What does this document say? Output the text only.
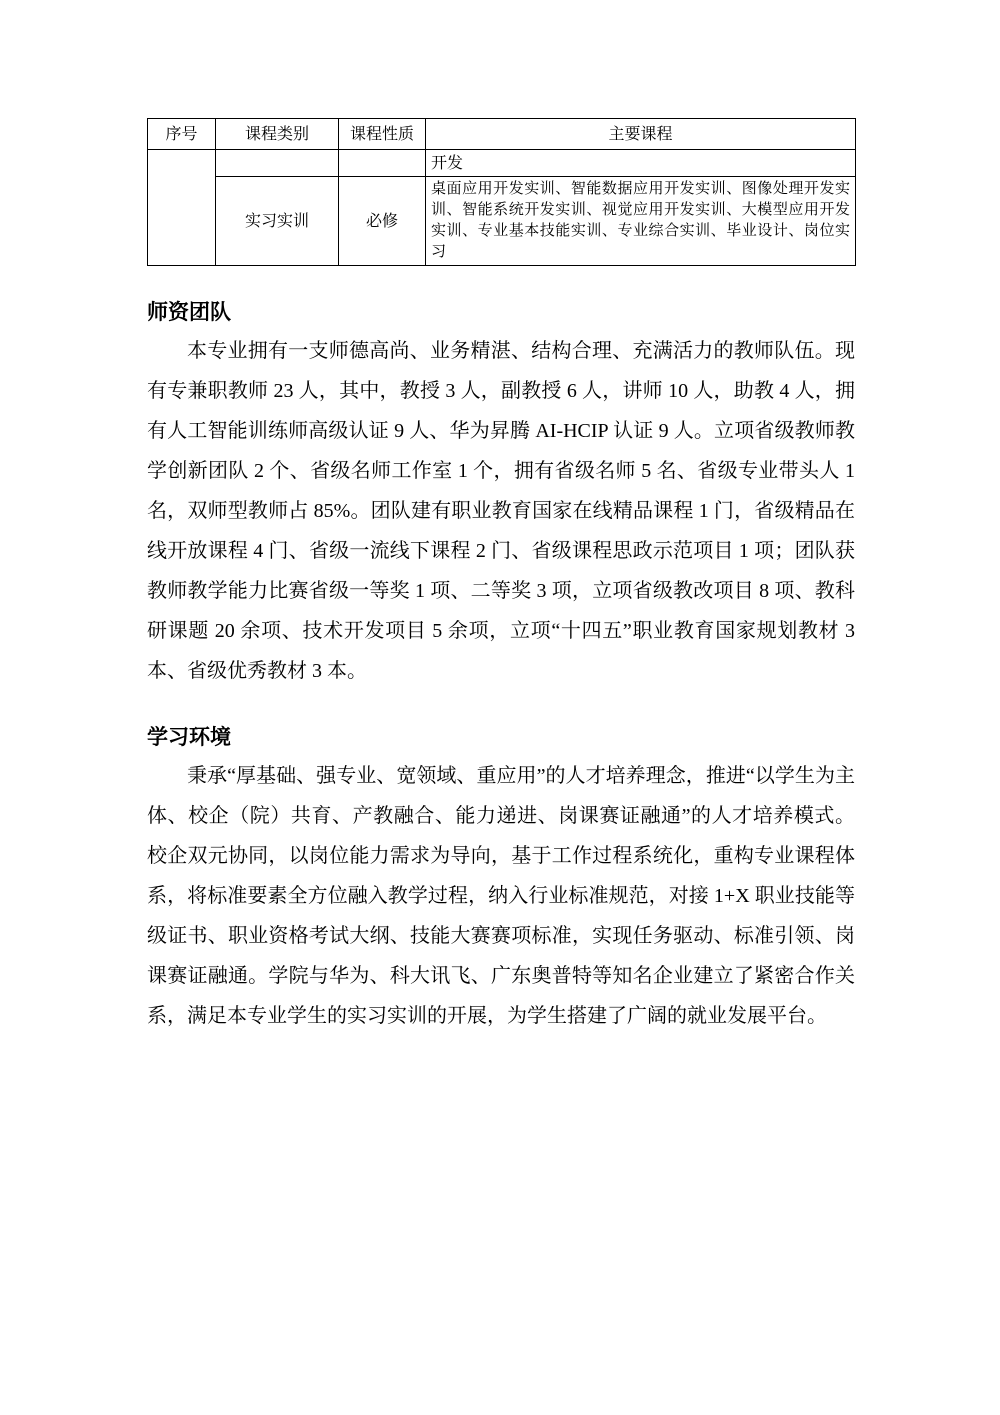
序号	课程类别	课程性质	主要课程
			开发
	实习实训	必修	桌面应用开发实训、智能数据应用开发实训、图像处理开发实训、智能系统开发实训、视觉应用开发实训、大模型应用开发实训、专业基本技能实训、专业综合实训、毕业设计、岗位实习
师资团队

本专业拥有一支师德高尚、业务精湛、结构合理、充满活力的教师队伍。现有专兼职教师 23 人，其中，教授 3 人，副教授 6 人，讲师 10 人，助教 4 人，拥有人工智能训练师高级认证 9 人、华为昇腾 AI-HCIP 认证 9 人。立项省级教师教学创新团队 2 个、省级名师工作室 1 个，拥有省级名师 5 名、省级专业带头人 1 名，双师型教师占 85%。团队建有职业教育国家在线精品课程 1 门，省级精品在线开放课程 4 门、省级一流线下课程 2 门、省级课程思政示范项目 1 项；团队获教师教学能力比赛省级一等奖 1 项、二等奖 3 项，立项省级教改项目 8 项、教科研课题 20 余项、技术开发项目 5 余项，立项“十四五”职业教育国家规划教材 3 本、省级优秀教材 3 本。

学习环境

秉承“厚基础、强专业、宽领域、重应用”的人才培养理念，推进“以学生为主体、校企（院）共育、产教融合、能力递进、岗课赛证融通”的人才培养模式。校企双元协同，以岗位能力需求为导向，基于工作过程系统化，重构专业课程体系，将标准要素全方位融入教学过程，纳入行业标准规范，对接 1+X 职业技能等级证书、职业资格考试大纲、技能大赛赛项标准，实现任务驱动、标准引领、岗课赛证融通。学院与华为、科大讯飞、广东奥普特等知名企业建立了紧密合作关系，满足本专业学生的实习实训的开展，为学生搭建了广阔的就业发展平台。
